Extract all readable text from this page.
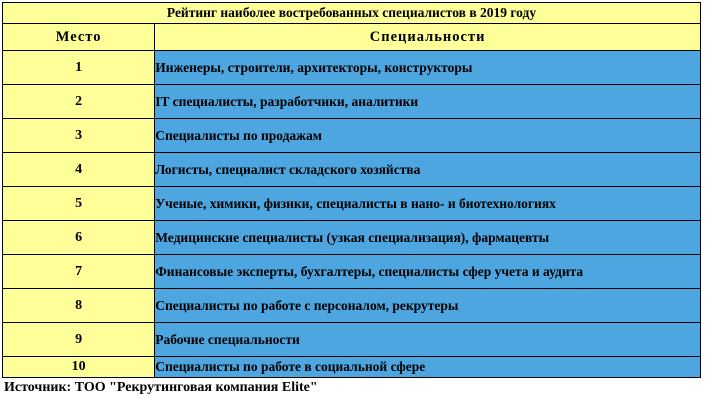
Рейтинг наиболее востребованных специалистов в 2019 году	
Место	Специальности
1	Инженеры, строители, архитекторы, конструкторы
2	IT специалисты, разработчики, аналитики
3	Специалисты по продажам
4	Логисты, специалист складского хозяйства
5	Ученые, химики, физики, специалисты в нано- и биотехнологиях
6	Медицинские специалисты (узкая специализация), фармацевты
7	Финансовые эксперты, бухгалтеры, специалисты сфер учета и аудита
8	Специалисты по работе с персоналом, рекрутеры
9	Рабочие специальности
10	Специалисты по работе в социальной сфере
Источник: ТОО "Рекрутинговая компания Elite"
